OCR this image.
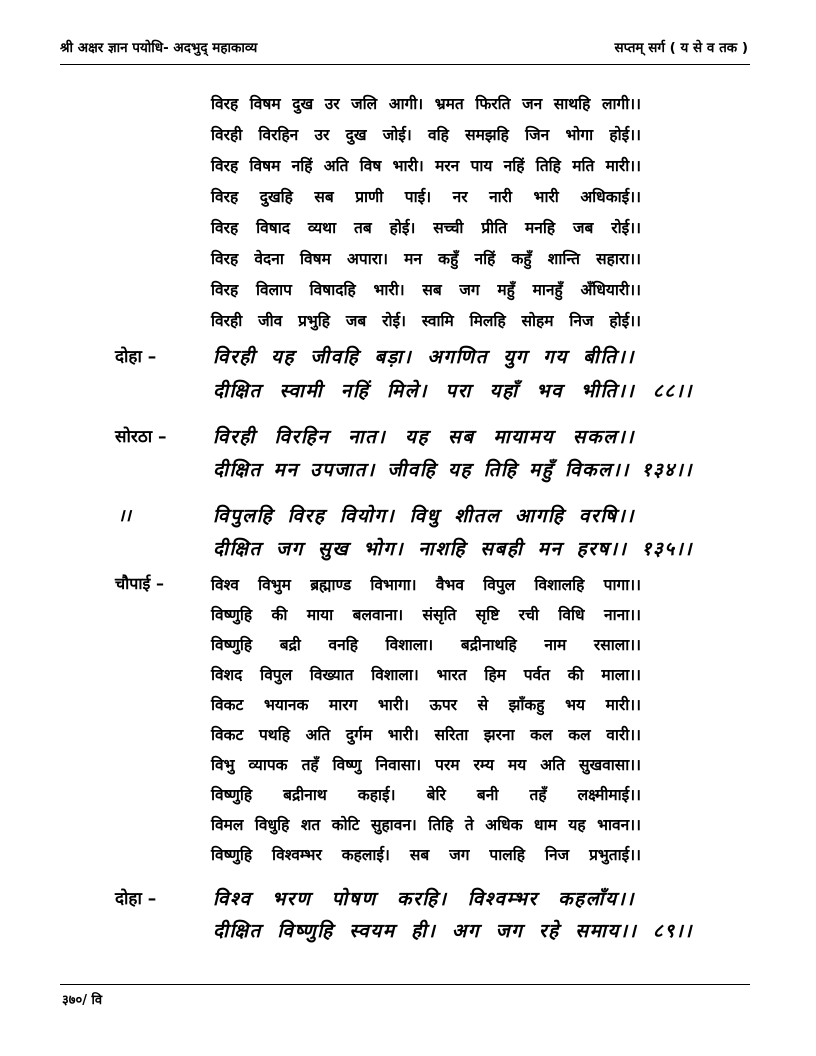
श्री अक्षर ज्ञान पयोधि- अदभुद् महाकाव्य	सप्तम् सर्ग ( य से व तक )
विरह विषम दुख उर जलि आगी। भ्रमत फिरति जन साथहि लागी।।
विरही विरहिन उर दुख जोई। वहि समझहि जिन भोगा होई।।
विरह विषम नहिं अति विष भारी। मरन पाय नहिं तिहि मति मारी।।
विरह दुखहि सब प्राणी पाई। नर नारी भारी अधिकाई।।
विरह विषाद व्यथा तब होई। सच्ची प्रीति मनहि जब रोई।।
विरह वेदना विषम अपारा। मन कहुँ नहिं कहुँ शान्ति सहारा।।
विरह विलाप विषादहि भारी। सब जग महुँ मानहुँ अँधियारी।।
विरही जीव प्रभुहि जब रोई। स्वामि मिलहि सोहम निज होई।।
दोहा –	विरही यह जीवहि बड़ा। अगणित युग गय बीति।।
दीक्षित स्वामी नहिं मिले। परा यहाँ भव भीति।। ८८।।
सोरठा – विरही विरहिन नात। यह सब मायामय सकल।।
दीक्षित मन उपजात। जीवहि यह तिहि महुँ विकल।। १३४।।
।।	विपुलहि विरह वियोग। विधु शीतल आगहि वरषि।।
दीक्षित जग सुख भोग। नाशहि सबही मन हरष।। १३५।।
चौपाई –	विश्व विभुम ब्रह्माण्ड विभागा। वैभव विपुल विशालहि पागा।।
विष्णुहि की माया बलवाना। संसृति सृष्टि रची विधि नाना।।
विष्णुहि बद्री वनहि विशाला। बद्रीनाथहि नाम रसाला।।
विशद विपुल विख्यात विशाला। भारत हिम पर्वत की माला।।
विकट भयानक मारग भारी। ऊपर से झाँकहु भय मारी।।
विकट पथहि अति दुर्गम भारी। सरिता झरना कल कल वारी।।
विभु व्यापक तहँ विष्णु निवासा। परम रम्य मय अति सुखवासा।।
विष्णुहि बद्रीनाथ कहाई। बेरि बनी तहँ लक्ष्मीमाई।।
विमल विधुहि शत कोटि सुहावन। तिहि ते अधिक धाम यह भावन।।
विष्णुहि विश्वम्भर कहलाई। सब जग पालहि निज प्रभुताई।।
दोहा –	विश्व भरण पोषण करहि। विश्वम्भर कहलाँय।।
दीक्षित विष्णुहि स्वयम ही। अग जग रहे समाय।। ८९।।
३७०/ वि
